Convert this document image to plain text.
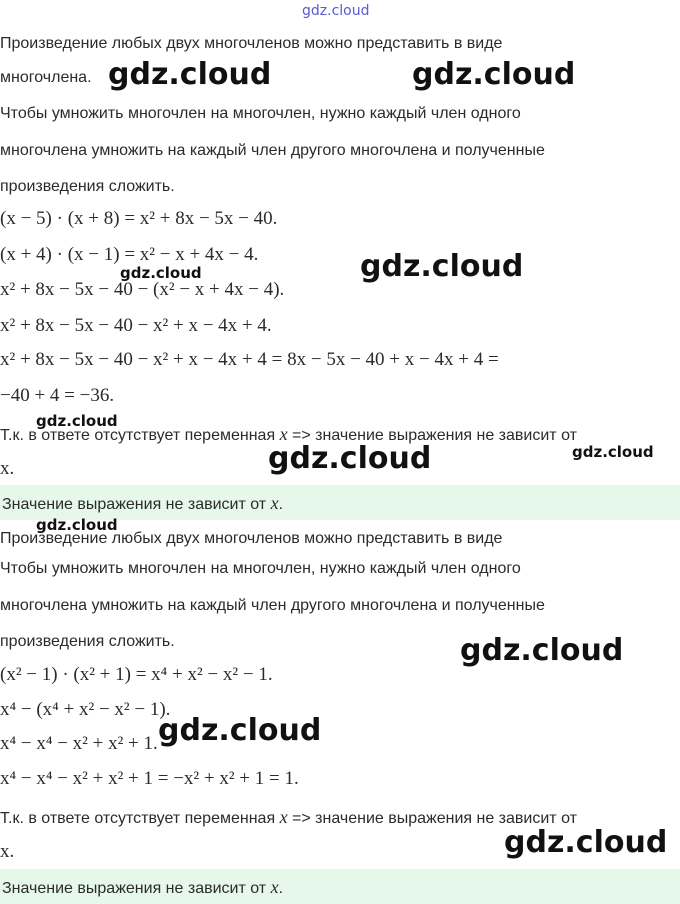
Произведение любых двух многочленов можно представить в виде
многочлена.
Чтобы умножить многочлен на многочлен, нужно каждый член одного
многочлена умножить на каждый член другого многочлена и полученные
произведения сложить.
(x − 5) · (x + 8) = x² + 8x − 5x − 40.
(x + 4) · (x − 1) = x² − x + 4x − 4.
x² + 8x − 5x − 40 − (x² − x + 4x − 4).
x² + 8x − 5x − 40 − x² + x − 4x + 4.
x² + 8x − 5x − 40 − x² + x − 4x + 4 = 8x − 5x − 40 + x − 4x + 4 =
−40 + 4 = −36.
Т.к. в ответе отсутствует переменная x => значение выражения не зависит от
x.
Значение выражения не зависит от x.
Произведение любых двух многочленов можно представить в виде
Чтобы умножить многочлен на многочлен, нужно каждый член одного
многочлена умножить на каждый член другого многочлена и полученные
произведения сложить.
(x² − 1) · (x² + 1) = x⁴ + x² − x² − 1.
x⁴ − (x⁴ + x² − x² − 1).
x⁴ − x⁴ − x² + x² + 1.
x⁴ − x⁴ − x² + x² + 1 = −x² + x² + 1 = 1.
Т.к. в ответе отсутствует переменная x => значение выражения не зависит от
x.
Значение выражения не зависит от x.
gdz.cloud
gdz.cloud	gdz.cloud
gdz.cloud	gdz.cloud
gdz.cloud
gdz.cloud	gdz.cloud
gdz.cloud
gdz.cloud
gdz.cloud
gdz.cloud
